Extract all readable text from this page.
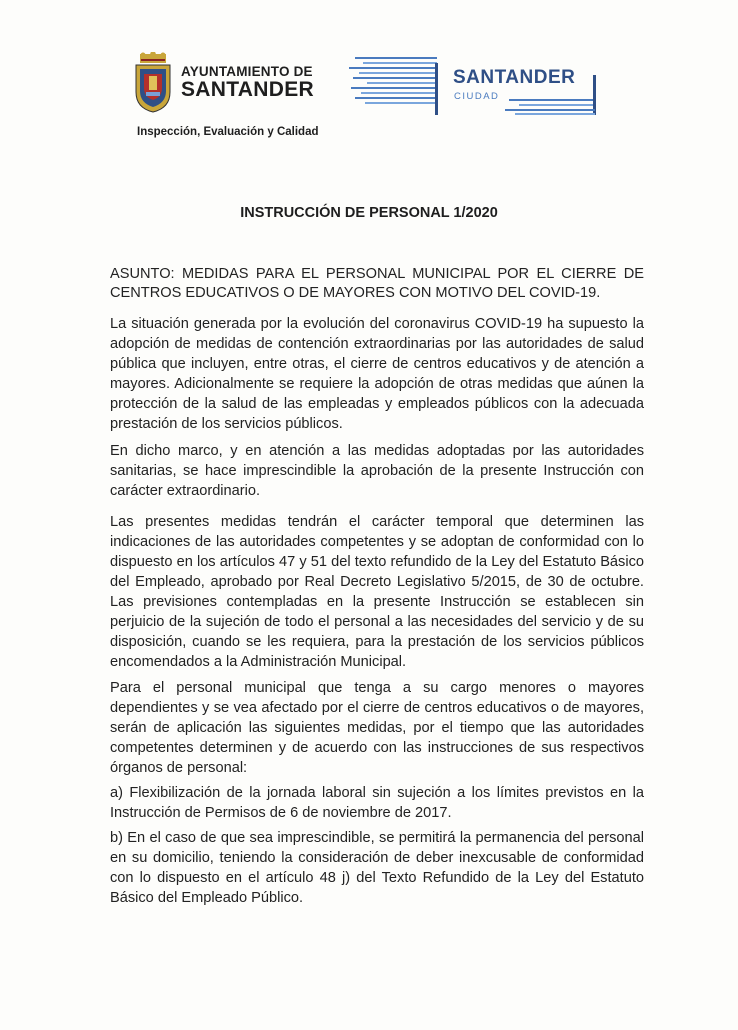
AYUNTAMIENTO DE
SANTANDER
Inspección, Evaluación y Calidad
SANTANDER
CIUDAD
INSTRUCCIÓN DE PERSONAL 1/2020
ASUNTO: MEDIDAS PARA EL PERSONAL MUNICIPAL POR EL CIERRE DE
CENTROS EDUCATIVOS O DE MAYORES CON MOTIVO DEL COVID-19.

La situación generada por la evolución del coronavirus COVID-19 ha supuesto la adopción de medidas de contención extraordinarias por las autoridades de salud pública que incluyen, entre otras, el cierre de centros educativos y de atención a mayores. Adicionalmente se requiere la adopción de otras medidas que aúnen la protección de la salud de las empleadas y empleados públicos con la adecuada prestación de los servicios públicos.

En dicho marco, y en atención a las medidas adoptadas por las autoridades sanitarias, se hace imprescindible la aprobación de la presente Instrucción con carácter extraordinario.

Las presentes medidas tendrán el carácter temporal que determinen las indicaciones de las autoridades competentes y se adoptan de conformidad con lo dispuesto en los artículos 47 y 51 del texto refundido de la Ley del Estatuto Básico del Empleado, aprobado por Real Decreto Legislativo 5/2015, de 30 de octubre. Las previsiones contempladas en la presente Instrucción se establecen sin perjuicio de la sujeción de todo el personal a las necesidades del servicio y de su disposición, cuando se les requiera, para la prestación de los servicios públicos encomendados a la Administración Municipal.

Para el personal municipal que tenga a su cargo menores o mayores dependientes y se vea afectado por el cierre de centros educativos o de mayores, serán de aplicación las siguientes medidas, por el tiempo que las autoridades competentes determinen y de acuerdo con las instrucciones de sus respectivos órganos de personal:

a) Flexibilización de la jornada laboral sin sujeción a los límites previstos en la Instrucción de Permisos de 6 de noviembre de 2017.

b) En el caso de que sea imprescindible, se permitirá la permanencia del personal en su domicilio, teniendo la consideración de deber inexcusable de conformidad con lo dispuesto en el artículo 48 j) del Texto Refundido de la Ley del Estatuto Básico del Empleado Público.
